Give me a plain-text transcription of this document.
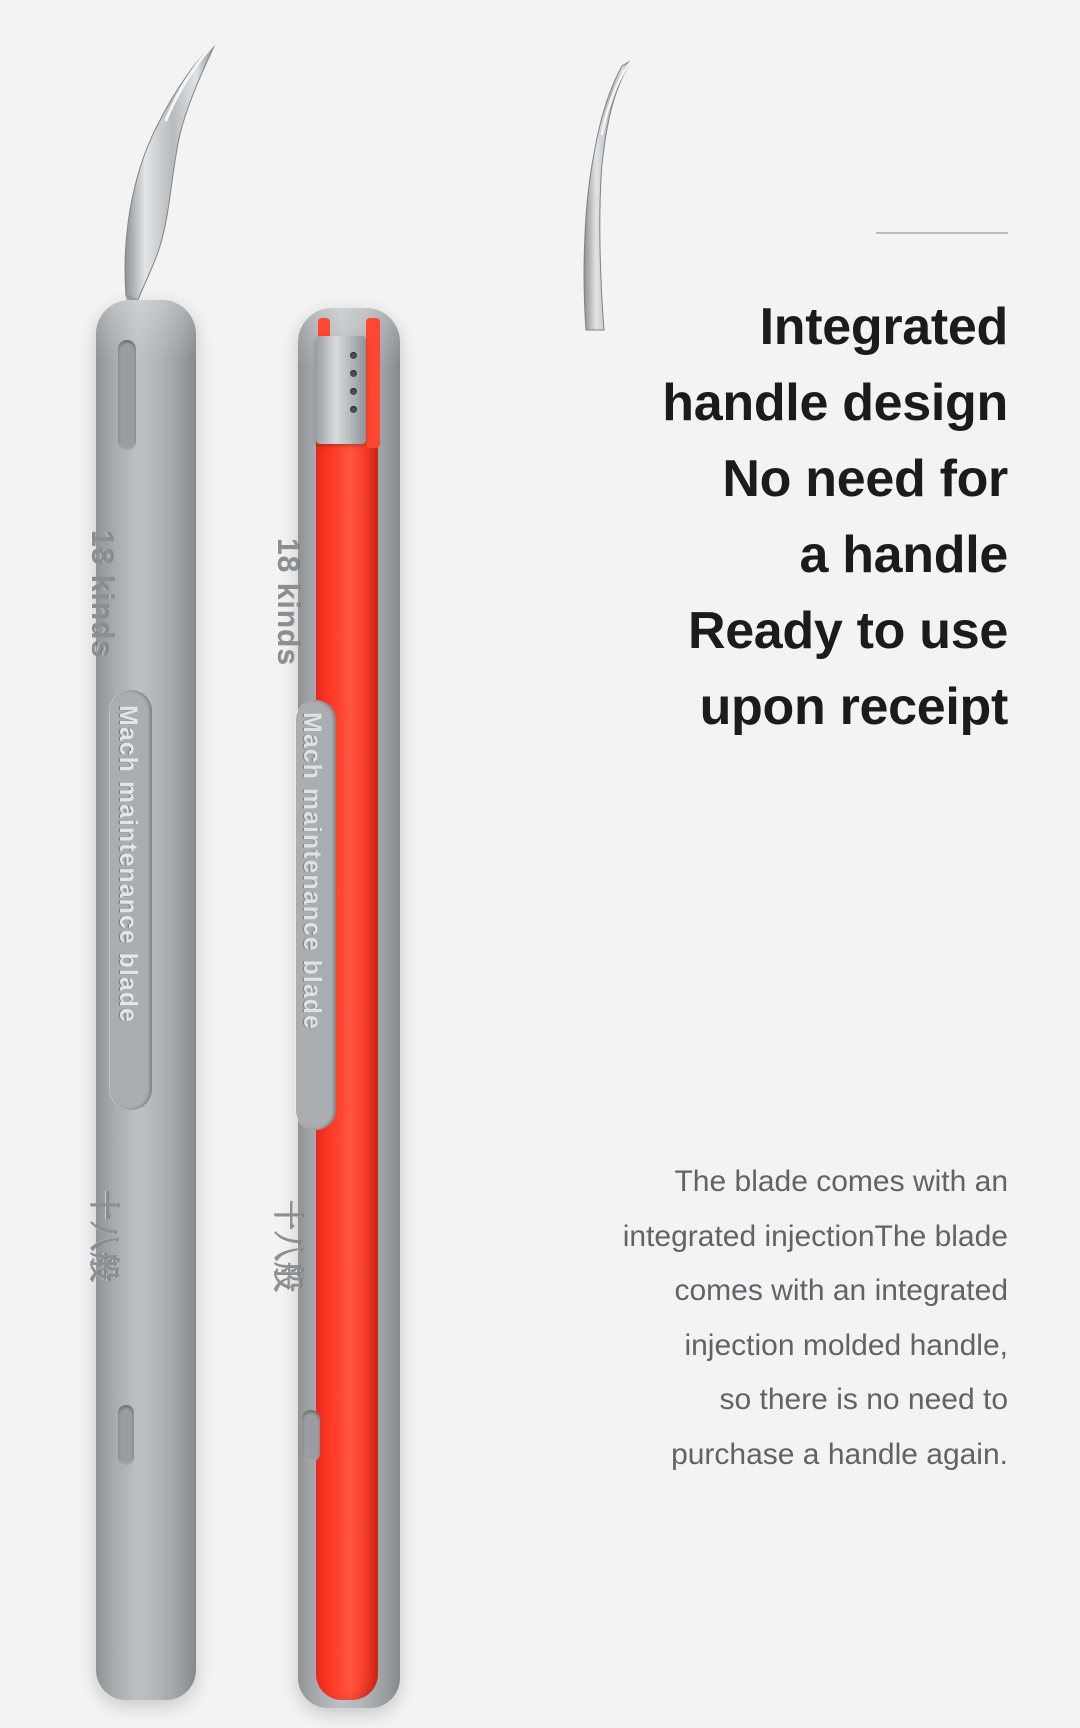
18 kinds
Mach maintenance blade
十八般
18 kinds
Mach maintenance blade
十八般
Integrated
handle design
No need for
a handle
Ready to use
upon receipt
The blade comes with an
integrated injectionThe blade
comes with an integrated
injection molded handle,
so there is no need to
purchase a handle again.
